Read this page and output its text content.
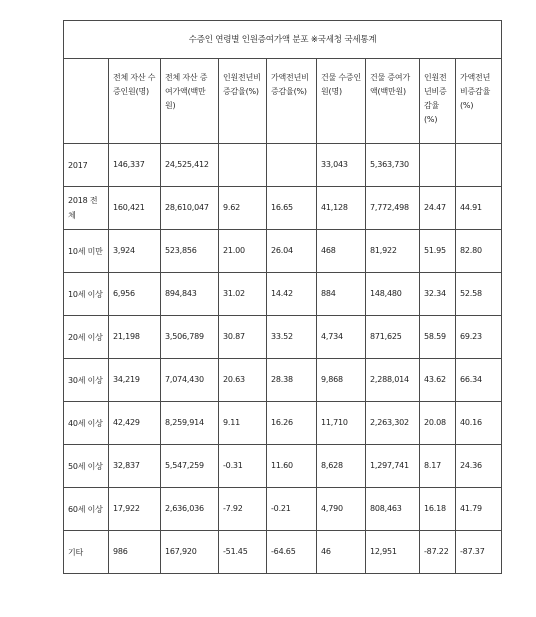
수증인 연령별 인원증여가액 분포 ※국세청 국세통계								
	전체 자산 수증인원(명)	전체 자산 증여가액(백만원)	인원전년비증감율(%)	가액전년비증감율(%)	건물 수증인원(명)	건물 증여가액(백만원)	인원전년비증감율(%)	가액전년비증감율(%)
2017	146,337	24,525,412			33,043	5,363,730		
2018 전체	160,421	28,610,047	9.62	16.65	41,128	7,772,498	24.47	44.91
10세 미만	3,924	523,856	21.00	26.04	468	81,922	51.95	82.80
10세 이상	6,956	894,843	31.02	14.42	884	148,480	32.34	52.58
20세 이상	21,198	3,506,789	30.87	33.52	4,734	871,625	58.59	69.23
30세 이상	34,219	7,074,430	20.63	28.38	9,868	2,288,014	43.62	66.34
40세 이상	42,429	8,259,914	9.11	16.26	11,710	2,263,302	20.08	40.16
50세 이상	32,837	5,547,259	-0.31	11.60	8,628	1,297,741	8.17	24.36
60세 이상	17,922	2,636,036	-7.92	-0.21	4,790	808,463	16.18	41.79
기타	986	167,920	-51.45	-64.65	46	12,951	-87.22	-87.37
